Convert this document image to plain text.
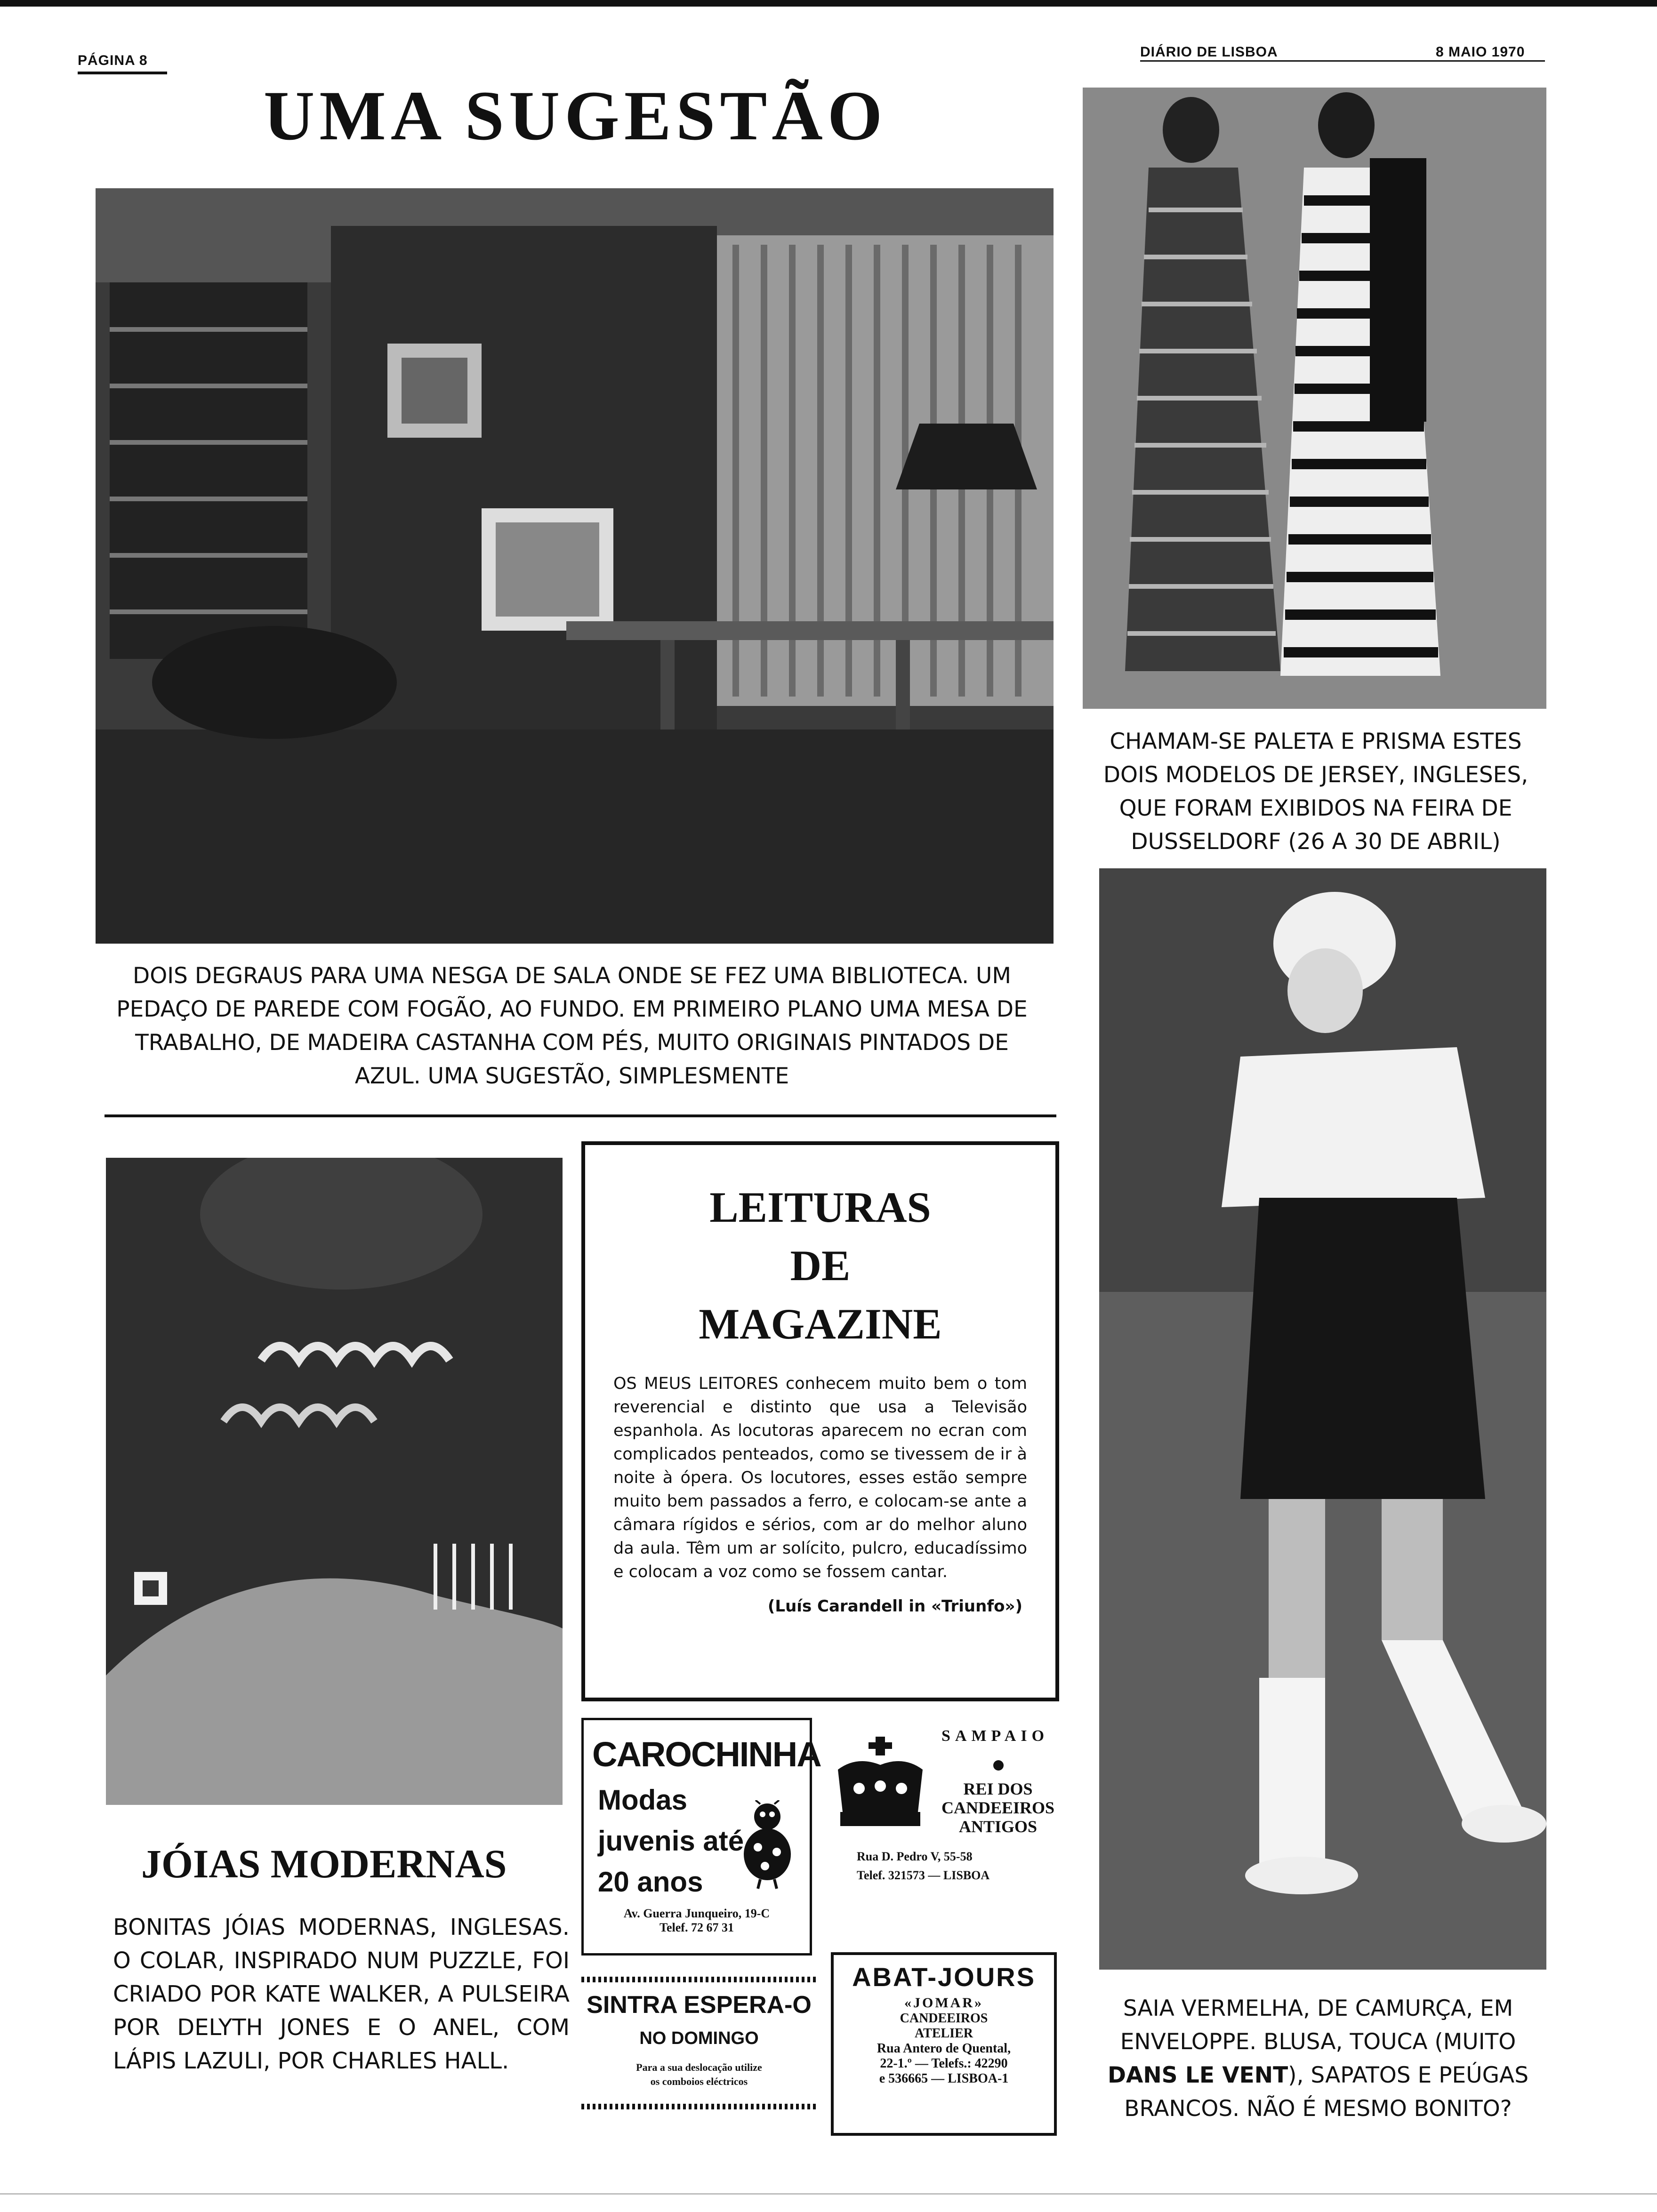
PÁGINA 8
DIÁRIO DE LISBOA	8 MAIO 1970
UMA SUGESTÃO
DOIS DEGRAUS PARA UMA NESGA DE SALA ONDE SE FEZ UMA BIBLIOTECA. UM PEDAÇO DE PAREDE COM FOGÃO, AO FUNDO. EM PRIMEIRO PLANO UMA MESA DE TRABALHO, DE MADEIRA CASTANHA COM PÉS, MUITO ORIGINAIS PINTADOS DE AZUL. UMA SUGESTÃO, SIMPLESMENTE
CHAMAM-SE PALETA E PRISMA ESTES DOIS MODELOS DE JERSEY, INGLESES, QUE FORAM EXIBIDOS NA FEIRA DE DUSSELDORF (26 A 30 DE ABRIL)
SAIA VERMELHA, DE CAMURÇA, EM ENVELOPPE. BLUSA, TOUCA (MUITO DANS LE VENT), SAPATOS E PEÚGAS BRANCOS. NÃO É MESMO BONITO?
JÓIAS MODERNAS
BONITAS JÓIAS MODERNAS, INGLESAS. O COLAR, INSPIRADO NUM PUZZLE, FOI CRIADO POR KATE WALKER, A PULSEIRA POR DELYTH JONES E O ANEL, COM LÁPIS LAZULI, POR CHARLES HALL.
LEITURAS
DE
MAGAZINE
OS MEUS LEITORES conhecem muito bem o tom reverencial e distinto que usa a Televisão espanhola. As locutoras aparecem no ecran com complicados penteados, como se tivessem de ir à noite à ópera. Os locutores, esses estão sempre muito bem passados a ferro, e colocam-se ante a câmara rígidos e sérios, com ar do melhor aluno da aula. Têm um ar solícito, pulcro, educadíssimo e colocam a voz como se fossem cantar.
(Luís Carandell in «Triunfo»)
CAROCHINHA
Modas
juvenis até
20 anos
Av. Guerra Junqueiro, 19-C
Telef. 72 67 31
SAMPAIO
REI DOS
CANDEEIROS
ANTIGOS
Rua D. Pedro V, 55-58
Telef. 321573 — LISBOA
SINTRA ESPERA-O
NO DOMINGO
Para a sua deslocação utilize
os comboios eléctricos
ABAT-JOURS
«JOMAR»
CANDEEIROS
ATELIER
Rua Antero de Quental,
22-1.º — Telefs.: 42290
e 536665 — LISBOA-1
